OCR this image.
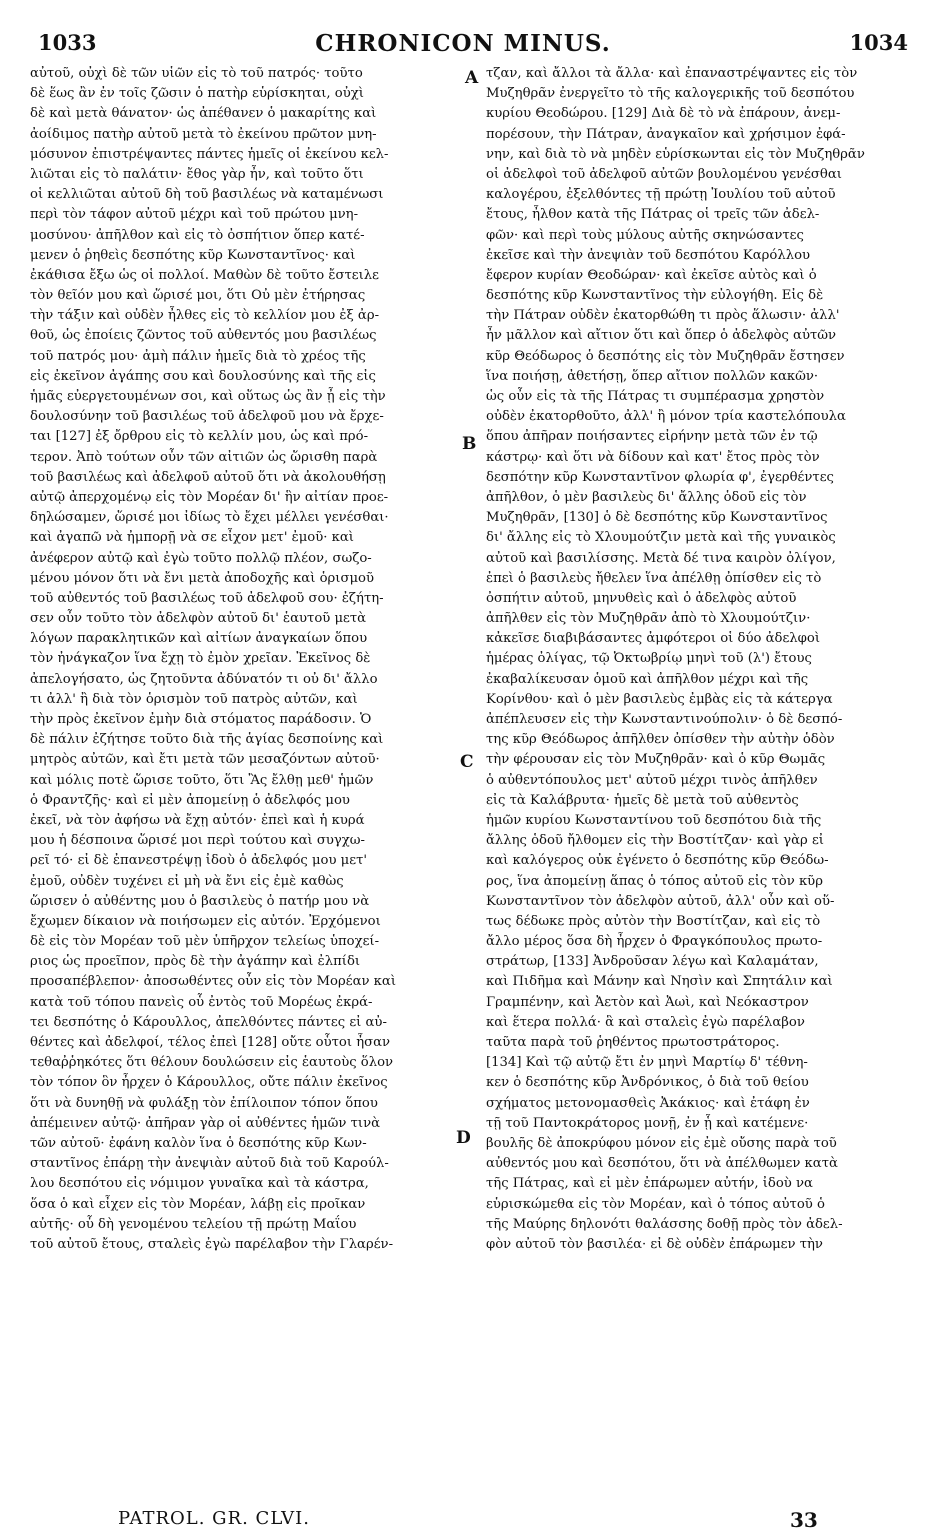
1033	CHRONICON MINUS.	1034
αὐτοῦ, οὐχὶ δὲ τῶν υἱῶν εἰς τὸ τοῦ πατρός· τοῦτο
δὲ ἕως ἂν ἐν τοῖς ζῶσιν ὁ πατὴρ εὑρίσκηται, οὐχὶ
δὲ καὶ μετὰ θάνατον· ὡς ἀπέθανεν ὁ μακαρίτης καὶ
ἀοίδιμος πατὴρ αὐτοῦ μετὰ τὸ ἐκείνου πρῶτον μνη-
μόσυνον ἐπιστρέψαντες πάντες ἡμεῖς οἱ ἐκείνου κελ-
λιῶται εἰς τὸ παλάτιν· ἔθος γὰρ ἦν, καὶ τοῦτο ὅτι
οἱ κελλιῶται αὐτοῦ δὴ τοῦ βασιλέως νὰ καταμένωσι
περὶ τὸν τάφον αὐτοῦ μέχρι καὶ τοῦ πρώτου μνη-
μοσύνου· ἀπῆλθον καὶ εἰς τὸ ὀσπήτιον ὅπερ κατέ-
μενεν ὁ ῥηθεὶς δεσπότης κῦρ Κωνσταντῖνος· καὶ
ἐκάθισα ἔξω ὡς οἱ πολλοί. Μαθὼν δὲ τοῦτο ἔστειλε
τὸν θεῖόν μου καὶ ὥρισέ μοι, ὅτι Οὐ μὲν ἐτήρησας
τὴν τάξιν καὶ οὐδὲν ἦλθες εἰς τὸ κελλίον μου ἐξ ἀρ-
θοῦ, ὡς ἐποίεις ζῶντος τοῦ αὐθεντός μου βασιλέως
τοῦ πατρός μου· ἀμὴ πάλιν ἡμεῖς διὰ τὸ χρέος τῆς
εἰς ἐκεῖνον ἀγάπης σου καὶ δουλοσύνης καὶ τῆς εἰς
ἡμᾶς εὐεργετουμένων σοι, καὶ οὕτως ὡς ἂν ᾖ εἰς τὴν
δουλοσύνην τοῦ βασιλέως τοῦ ἀδελφοῦ μου νὰ ἔρχε-
ται [127] ἐξ ὄρθρου εἰς τὸ κελλίν μου, ὡς καὶ πρό-
τερον. Ἀπὸ τούτων οὖν τῶν αἰτιῶν ὡς ὥρισθη παρὰ
τοῦ βασιλέως καὶ ἀδελφοῦ αὐτοῦ ὅτι νὰ ἀκολουθήσῃ
αὐτῷ ἀπερχομένῳ εἰς τὸν Μορέαν δι' ἣν αἰτίαν προε-
δηλώσαμεν, ὥρισέ μοι ἰδίως τὸ ἔχει μέλλει γενέσθαι·
καὶ ἀγαπῶ νὰ ἠμπορῇ νὰ σε εἶχον μετ' ἐμοῦ· καὶ
ἀνέφερον αὐτῷ καὶ ἐγὼ τοῦτο πολλῷ πλέον, σωζο-
μένου μόνον ὅτι νὰ ἔνι μετὰ ἀποδοχῆς καὶ ὁρισμοῦ
τοῦ αὐθεντός τοῦ βασιλέως τοῦ ἀδελφοῦ σου· ἐζήτη-
σεν οὖν τοῦτο τὸν ἀδελφὸν αὐτοῦ δι' ἑαυτοῦ μετὰ
λόγων παρακλητικῶν καὶ αἰτίων ἀναγκαίων ὅπου
τὸν ἠνάγκαζον ἵνα ἔχῃ τὸ ἐμὸν χρεῖαν. Ἐκεῖνος δὲ
ἀπελογήσατο, ὡς ζητοῦντα ἀδύνατόν τι οὐ δι' ἄλλο
τι ἀλλ' ἢ διὰ τὸν ὁρισμὸν τοῦ πατρὸς αὐτῶν, καὶ
τὴν πρὸς ἐκεῖνον ἐμὴν διὰ στόματος παράδοσιν. Ὁ
δὲ πάλιν ἐζήτησε τοῦτο διὰ τῆς ἁγίας δεσποίνης καὶ
μητρὸς αὐτῶν, καὶ ἔτι μετὰ τῶν μεσαζόντων αὐτοῦ·
καὶ μόλις ποτὲ ὥρισε τοῦτο, ὅτι Ἂς ἔλθῃ μεθ' ἡμῶν
ὁ Φραντζῆς· καὶ εἰ μὲν ἀπομείνῃ ὁ ἀδελφός μου
ἐκεῖ, νὰ τὸν ἀφήσω νὰ ἔχῃ αὐτόν· ἐπεὶ καὶ ἡ κυρά
μου ἡ δέσποινα ὥρισέ μοι περὶ τούτου καὶ συγχω-
ρεῖ τό· εἰ δὲ ἐπανεστρέψῃ ἰδοὺ ὁ ἀδελφός μου μετ'
ἐμοῦ, οὐδὲν τυχένει εἰ μὴ νὰ ἔνι εἰς ἐμὲ καθὼς
ὥρισεν ὁ αὐθέντης μου ὁ βασιλεὺς ὁ πατήρ μου νὰ
ἔχωμεν δίκαιον νὰ ποιήσωμεν εἰς αὐτόν. Ἐρχόμενοι
δὲ εἰς τὸν Μορέαν τοῦ μὲν ὑπῆρχον τελείως ὑποχεί-
ριος ὡς προεῖπον, πρὸς δὲ τὴν ἀγάπην καὶ ἐλπίδι
προσαπέβλεπον· ἀποσωθέντες οὖν εἰς τὸν Μορέαν καὶ
κατὰ τοῦ τόπου πανεὶς οὗ ἐντὸς τοῦ Μορέως ἐκρά-
τει δεσπότης ὁ Κάρουλλος, ἀπελθόντες πάντες εἰ αὐ-
θέντες καὶ ἀδελφοί, τέλος ἐπεὶ [128] οὔτε οὗτοι ἦσαν
τεθαῤῥηκότες ὅτι θέλουν δουλώσειν εἰς ἑαυτοὺς ὅλον
τὸν τόπον ὃν ἦρχεν ὁ Κάρουλλος, οὔτε πάλιν ἐκεῖνος
ὅτι νὰ δυνηθῇ νὰ φυλάξῃ τὸν ἐπίλοιπον τόπον ὅπου
ἀπέμεινεν αὐτῷ· ἀπῆραν γὰρ οἱ αὐθέντες ἡμῶν τινὰ
τῶν αὐτοῦ· ἐφάνη καλὸν ἵνα ὁ δεσπότης κῦρ Κων-
σταντῖνος ἐπάρῃ τὴν ἀνεψιὰν αὐτοῦ διὰ τοῦ Καρούλ-
λου δεσπότου εἰς νόμιμον γυναῖκα καὶ τὰ κάστρα,
ὅσα ὁ καὶ εἶχεν εἰς τὸν Μορέαν, λάβῃ εἰς προῖκαν
αὐτῆς· οὗ δὴ γενομένου τελείου τῇ πρώτῃ Μαΐου
τοῦ αὐτοῦ ἔτους, σταλεὶς ἐγὼ παρέλαβον τὴν Γλαρέν-
τζαν, καὶ ἄλλοι τὰ ἄλλα· καὶ ἐπαναστρέψαντες εἰς τὸν
Μυζηθρᾶν ἐνεργεῖτο τὸ τῆς καλογερικῆς τοῦ δεσπότου
κυρίου Θεοδώρου. [129] Διὰ δὲ τὸ νὰ ἐπάρουν, ἀνεμ-
πορέσουν, τὴν Πάτραν, ἀναγκαῖον καὶ χρήσιμον ἐφά-
νην, καὶ διὰ τὸ νὰ μηδὲν εὑρίσκωνται εἰς τὸν Μυζηθρᾶν
οἱ ἀδελφοὶ τοῦ ἀδελφοῦ αὐτῶν βουλομένου γενέσθαι
καλογέρου, ἐξελθόντες τῇ πρώτῃ Ἰουλίου τοῦ αὐτοῦ
ἔτους, ἦλθον κατὰ τῆς Πάτρας οἱ τρεῖς τῶν ἀδελ-
φῶν· καὶ περὶ τοὺς μύλους αὐτῆς σκηνώσαντες
ἐκεῖσε καὶ τὴν ἀνεψιὰν τοῦ δεσπότου Καρόλλου
ἔφερον κυρίαν Θεοδώραν· καὶ ἐκεῖσε αὐτὸς καὶ ὁ
δεσπότης κῦρ Κωνσταντῖνος τὴν εὐλογήθη. Εἰς δὲ
τὴν Πάτραν οὐδὲν ἐκατορθώθη τι πρὸς ἅλωσιν· ἀλλ'
ἦν μᾶλλον καὶ αἴτιον ὅτι καὶ ὅπερ ὁ ἀδελφὸς αὐτῶν
κῦρ Θεόδωρος ὁ δεσπότης εἰς τὸν Μυζηθρᾶν ἔστησεν
ἵνα ποιήσῃ, ἀθετήσῃ, ὅπερ αἴτιον πολλῶν κακῶν·
ὡς οὖν εἰς τὰ τῆς Πάτρας τι συμπέρασμα χρηστὸν
οὐδὲν ἐκατορθοῦτο, ἀλλ' ἢ μόνον τρία καστελόπουλα
ὅπου ἀπῆραν ποιήσαντες εἰρήνην μετὰ τῶν ἐν τῷ
κάστρῳ· καὶ ὅτι νὰ δίδουν καὶ κατ' ἔτος πρὸς τὸν
δεσπότην κῦρ Κωνσταντῖνον φλωρία φ', ἐγερθέντες
ἀπῆλθον, ὁ μὲν βασιλεὺς δι' ἄλλης ὁδοῦ εἰς τὸν
Μυζηθρᾶν, [130] ὁ δὲ δεσπότης κῦρ Κωνσταντῖνος
δι' ἄλλης εἰς τὸ Χλουμούτζιν μετὰ καὶ τῆς γυναικὸς
αὐτοῦ καὶ βασιλίσσης. Μετὰ δέ τινα καιρὸν ὀλίγον,
ἐπεὶ ὁ βασιλεὺς ἤθελεν ἵνα ἀπέλθῃ ὀπίσθεν εἰς τὸ
ὀσπήτιν αὐτοῦ, μηνυθεὶς καὶ ὁ ἀδελφὸς αὐτοῦ
ἀπῆλθεν εἰς τὸν Μυζηθρᾶν ἀπὸ τὸ Χλουμούτζιν·
κἀκεῖσε διαβιβάσαντες ἀμφότεροι οἱ δύο ἀδελφοὶ
ἡμέρας ὀλίγας, τῷ Ὀκτωβρίῳ μηνὶ τοῦ (λ') ἔτους
ἐκαβαλίκευσαν ὁμοῦ καὶ ἀπῆλθον μέχρι καὶ τῆς
Κορίνθου· καὶ ὁ μὲν βασιλεὺς ἐμβὰς εἰς τὰ κάτεργα
ἀπέπλευσεν εἰς τὴν Κωνσταντινούπολιν· ὁ δὲ δεσπό-
της κῦρ Θεόδωρος ἀπῆλθεν ὀπίσθεν τὴν αὐτὴν ὁδὸν
τὴν φέρουσαν εἰς τὸν Μυζηθρᾶν· καὶ ὁ κῦρ Θωμᾶς
ὁ αὐθεντόπουλος μετ' αὐτοῦ μέχρι τινὸς ἀπῆλθεν
εἰς τὰ Καλάβρυτα· ἡμεῖς δὲ μετὰ τοῦ αὐθεντὸς
ἡμῶν κυρίου Κωνσταντίνου τοῦ δεσπότου διὰ τῆς
ἄλλης ὁδοῦ ἤλθομεν εἰς τὴν Βοστίτζαν· καὶ γὰρ εἰ
καὶ καλόγερος οὐκ ἐγένετο ὁ δεσπότης κῦρ Θεόδω-
ρος, ἵνα ἀπομείνῃ ἅπας ὁ τόπος αὐτοῦ εἰς τὸν κῦρ
Κωνσταντῖνον τὸν ἀδελφὸν αὐτοῦ, ἀλλ' οὖν καὶ οὕ-
τως δέδωκε πρὸς αὐτὸν τὴν Βοστίτζαν, καὶ εἰς τὸ
ἄλλο μέρος ὅσα δὴ ἦρχεν ὁ Φραγκόπουλος πρωτο-
στράτωρ, [133] Ἀνδροῦσαν λέγω καὶ Καλαμάταν,
καὶ Πιδῆμα καὶ Μάνην καὶ Νησὶν καὶ Σπητάλιν καὶ
Γραμπένην, καὶ Ἀετὸν καὶ Ἀωὶ, καὶ Νεόκαστρον
καὶ ἕτερα πολλά· ἃ καὶ σταλεὶς ἐγὼ παρέλαβον
ταῦτα παρὰ τοῦ ῥηθέντος πρωτοστράτορος.
[134] Καὶ τῷ αὐτῷ ἔτι ἐν μηνὶ Μαρτίῳ δ' τέθνη-
κεν ὁ δεσπότης κῦρ Ἀνδρόνικος, ὁ διὰ τοῦ θείου
σχήματος μετονομασθεὶς Ἀκάκιος· καὶ ἐτάφη ἐν
τῇ τοῦ Παντοκράτορος μονῇ, ἐν ᾗ καὶ κατέμενε·
βουλῆς δὲ ἀποκρύφου μόνον εἰς ἐμὲ οὔσης παρὰ τοῦ
αὐθεντός μου καὶ δεσπότου, ὅτι νὰ ἀπέλθωμεν κατὰ
τῆς Πάτρας, καὶ εἰ μὲν ἐπάρωμεν αὐτήν, ἰδοὺ να
εὑρισκώμεθα εἰς τὸν Μορέαν, καὶ ὁ τόπος αὐτοῦ ὁ
τῆς Μαύρης δηλονότι θαλάσσης δοθῇ πρὸς τὸν ἀδελ-
φὸν αὐτοῦ τὸν βασιλέα· εἰ δὲ οὐδὲν ἐπάρωμεν τὴν
A
B
C
D
PATROL. GR. CLVI.	33
